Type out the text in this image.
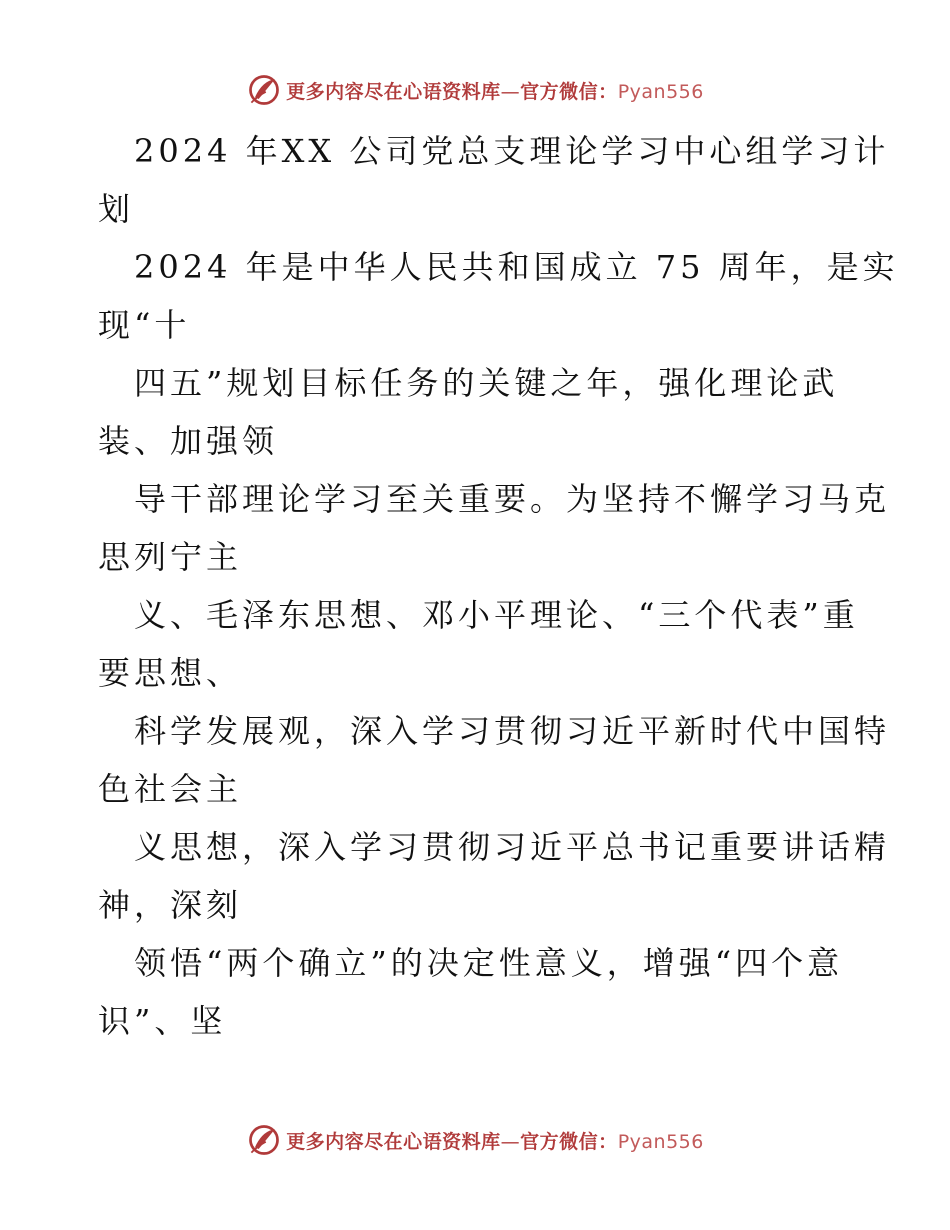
更多内容尽在心语资料库—官方微信：Pyan556
2024 年XX 公司党总支理论学习中心组学习计
划
2024 年是中华人民共和国成立 75 周年，是实
现“十
四五”规划目标任务的关键之年，强化理论武
装、加强领
导干部理论学习至关重要。为坚持不懈学习马克
思列宁主
义、毛泽东思想、邓小平理论、“三个代表”重
要思想、
科学发展观，深入学习贯彻习近平新时代中国特
色社会主
义思想，深入学习贯彻习近平总书记重要讲话精
神，深刻
领悟“两个确立”的决定性意义，增强“四个意
识”、坚
更多内容尽在心语资料库—官方微信：Pyan556
